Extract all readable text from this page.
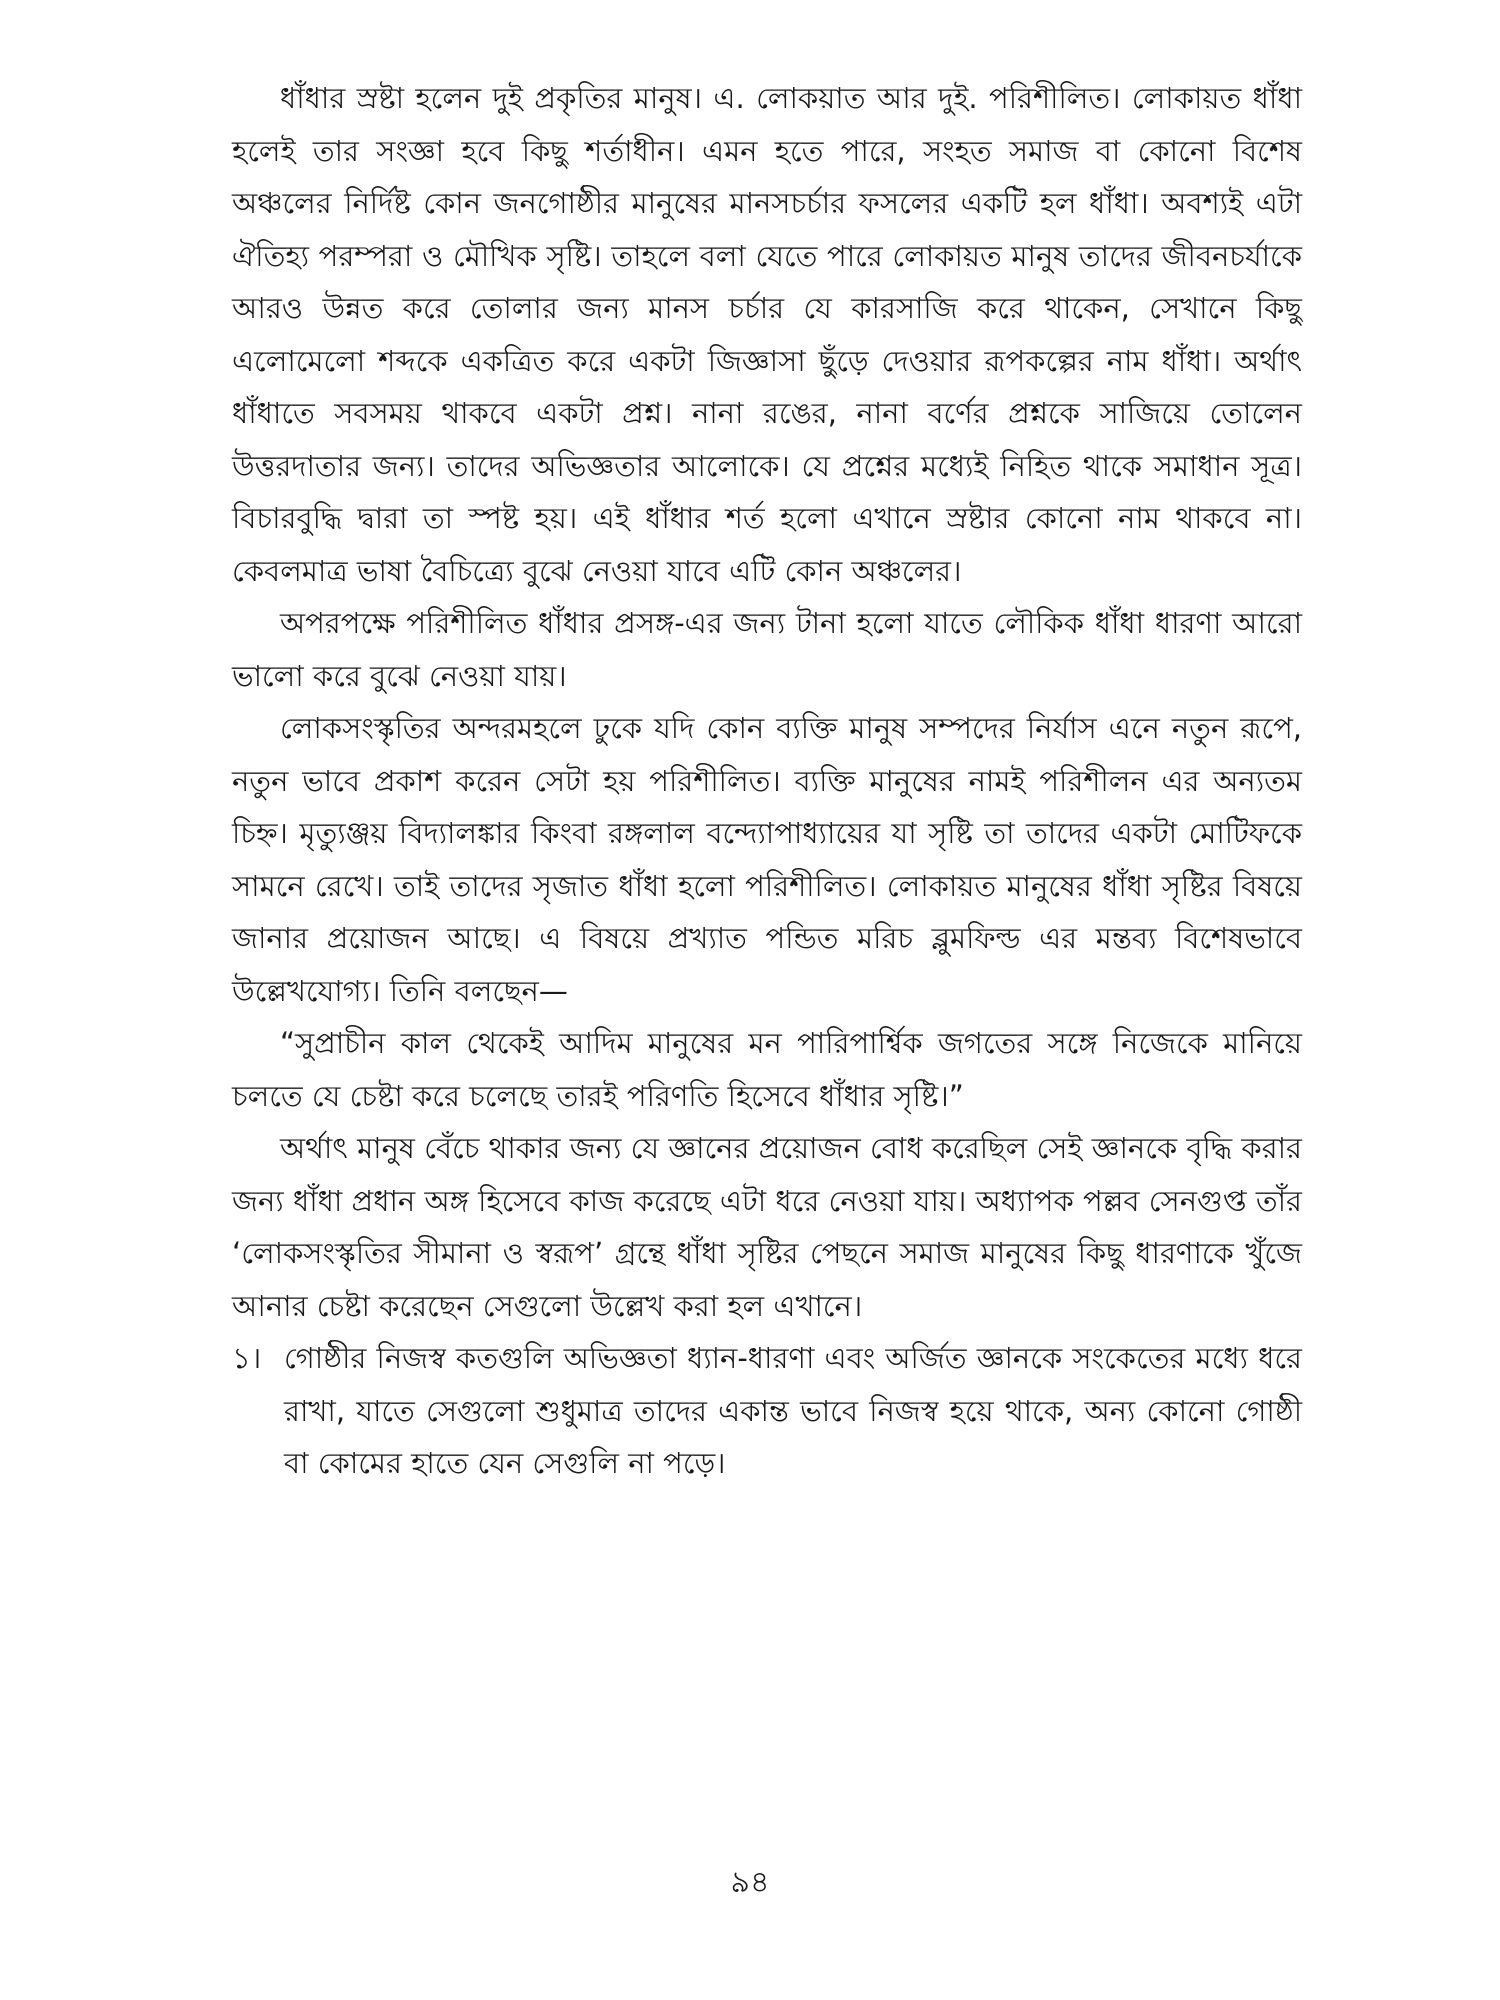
ধাঁধার স্রষ্টা হলেন দুই প্রকৃতির মানুষ। এ. লোকয়াত আর দুই. পরিশীলিত। লোকায়ত ধাঁধা হলেই তার সংজ্ঞা হবে কিছু শর্তাধীন। এমন হতে পারে, সংহত সমাজ বা কোনো বিশেষ অঞ্চলের নির্দিষ্ট কোন জনগোষ্ঠীর মানুষের মানসচর্চার ফসলের একটি হল ধাঁধা। অবশ্যই এটা ঐতিহ্য পরম্পরা ও মৌখিক সৃষ্টি। তাহলে বলা যেতে পারে লোকায়ত মানুষ তাদের জীবনচর্যাকে আরও উন্নত করে তোলার জন্য মানস চর্চার যে কারসাজি করে থাকেন, সেখানে কিছু এলোমেলো শব্দকে একত্রিত করে একটা জিজ্ঞাসা ছুঁড়ে দেওয়ার রূপকল্পের নাম ধাঁধা। অর্থাৎ ধাঁধাতে সবসময় থাকবে একটা প্রশ্ন। নানা রঙের, নানা বর্ণের প্রশ্নকে সাজিয়ে তোলেন উত্তরদাতার জন্য। তাদের অভিজ্ঞতার আলোকে। যে প্রশ্নের মধ্যেই নিহিত থাকে সমাধান সূত্র। বিচারবুদ্ধি দ্বারা তা স্পষ্ট হয়। এই ধাঁধার শর্ত হলো এখানে স্রষ্টার কোনো নাম থাকবে না। কেবলমাত্র ভাষা বৈচিত্র্যে বুঝে নেওয়া যাবে এটি কোন অঞ্চলের।

অপরপক্ষে পরিশীলিত ধাঁধার প্রসঙ্গ-এর জন্য টানা হলো যাতে লৌকিক ধাঁধা ধারণা আরো ভালো করে বুঝে নেওয়া যায়।

লোকসংস্কৃতির অন্দরমহলে ঢুকে যদি কোন ব্যক্তি মানুষ সম্পদের নির্যাস এনে নতুন রূপে, নতুন ভাবে প্রকাশ করেন সেটা হয় পরিশীলিত। ব্যক্তি মানুষের নামই পরিশীলন এর অন্যতম চিহ্ন। মৃত্যুঞ্জয় বিদ্যালঙ্কার কিংবা রঙ্গলাল বন্দ্যোপাধ্যায়ের যা সৃষ্টি তা তাদের একটা মোটিফকে সামনে রেখে। তাই তাদের সৃজাত ধাঁধা হলো পরিশীলিত। লোকায়ত মানুষের ধাঁধা সৃষ্টির বিষয়ে জানার প্রয়োজন আছে। এ বিষয়ে প্রখ্যাত পন্ডিত মরিচ ব্লুমফিল্ড এর মন্তব্য বিশেষভাবে উল্লেখযোগ্য। তিনি বলছেন—

“সুপ্রাচীন কাল থেকেই আদিম মানুষের মন পারিপার্শ্বিক জগতের সঙ্গে নিজেকে মানিয়ে চলতে যে চেষ্টা করে চলেছে তারই পরিণতি হিসেবে ধাঁধার সৃষ্টি।”

অর্থাৎ মানুষ বেঁচে থাকার জন্য যে জ্ঞানের প্রয়োজন বোধ করেছিল সেই জ্ঞানকে বৃদ্ধি করার জন্য ধাঁধা প্রধান অঙ্গ হিসেবে কাজ করেছে এটা ধরে নেওয়া যায়। অধ্যাপক পল্লব সেনগুপ্ত তাঁর ‘লোকসংস্কৃতির সীমানা ও স্বরূপ’ গ্রন্থে ধাঁধা সৃষ্টির পেছনে সমাজ মানুষের কিছু ধারণাকে খুঁজে আনার চেষ্টা করেছেন সেগুলো উল্লেখ করা হল এখানে।

১। গোষ্ঠীর নিজস্ব কতগুলি অভিজ্ঞতা ধ্যান-ধারণা এবং অর্জিত জ্ঞানকে সংকেতের মধ্যে ধরে রাখা, যাতে সেগুলো শুধুমাত্র তাদের একান্ত ভাবে নিজস্ব হয়ে থাকে, অন্য কোনো গোষ্ঠী বা কোমের হাতে যেন সেগুলি না পড়ে।
৯৪
